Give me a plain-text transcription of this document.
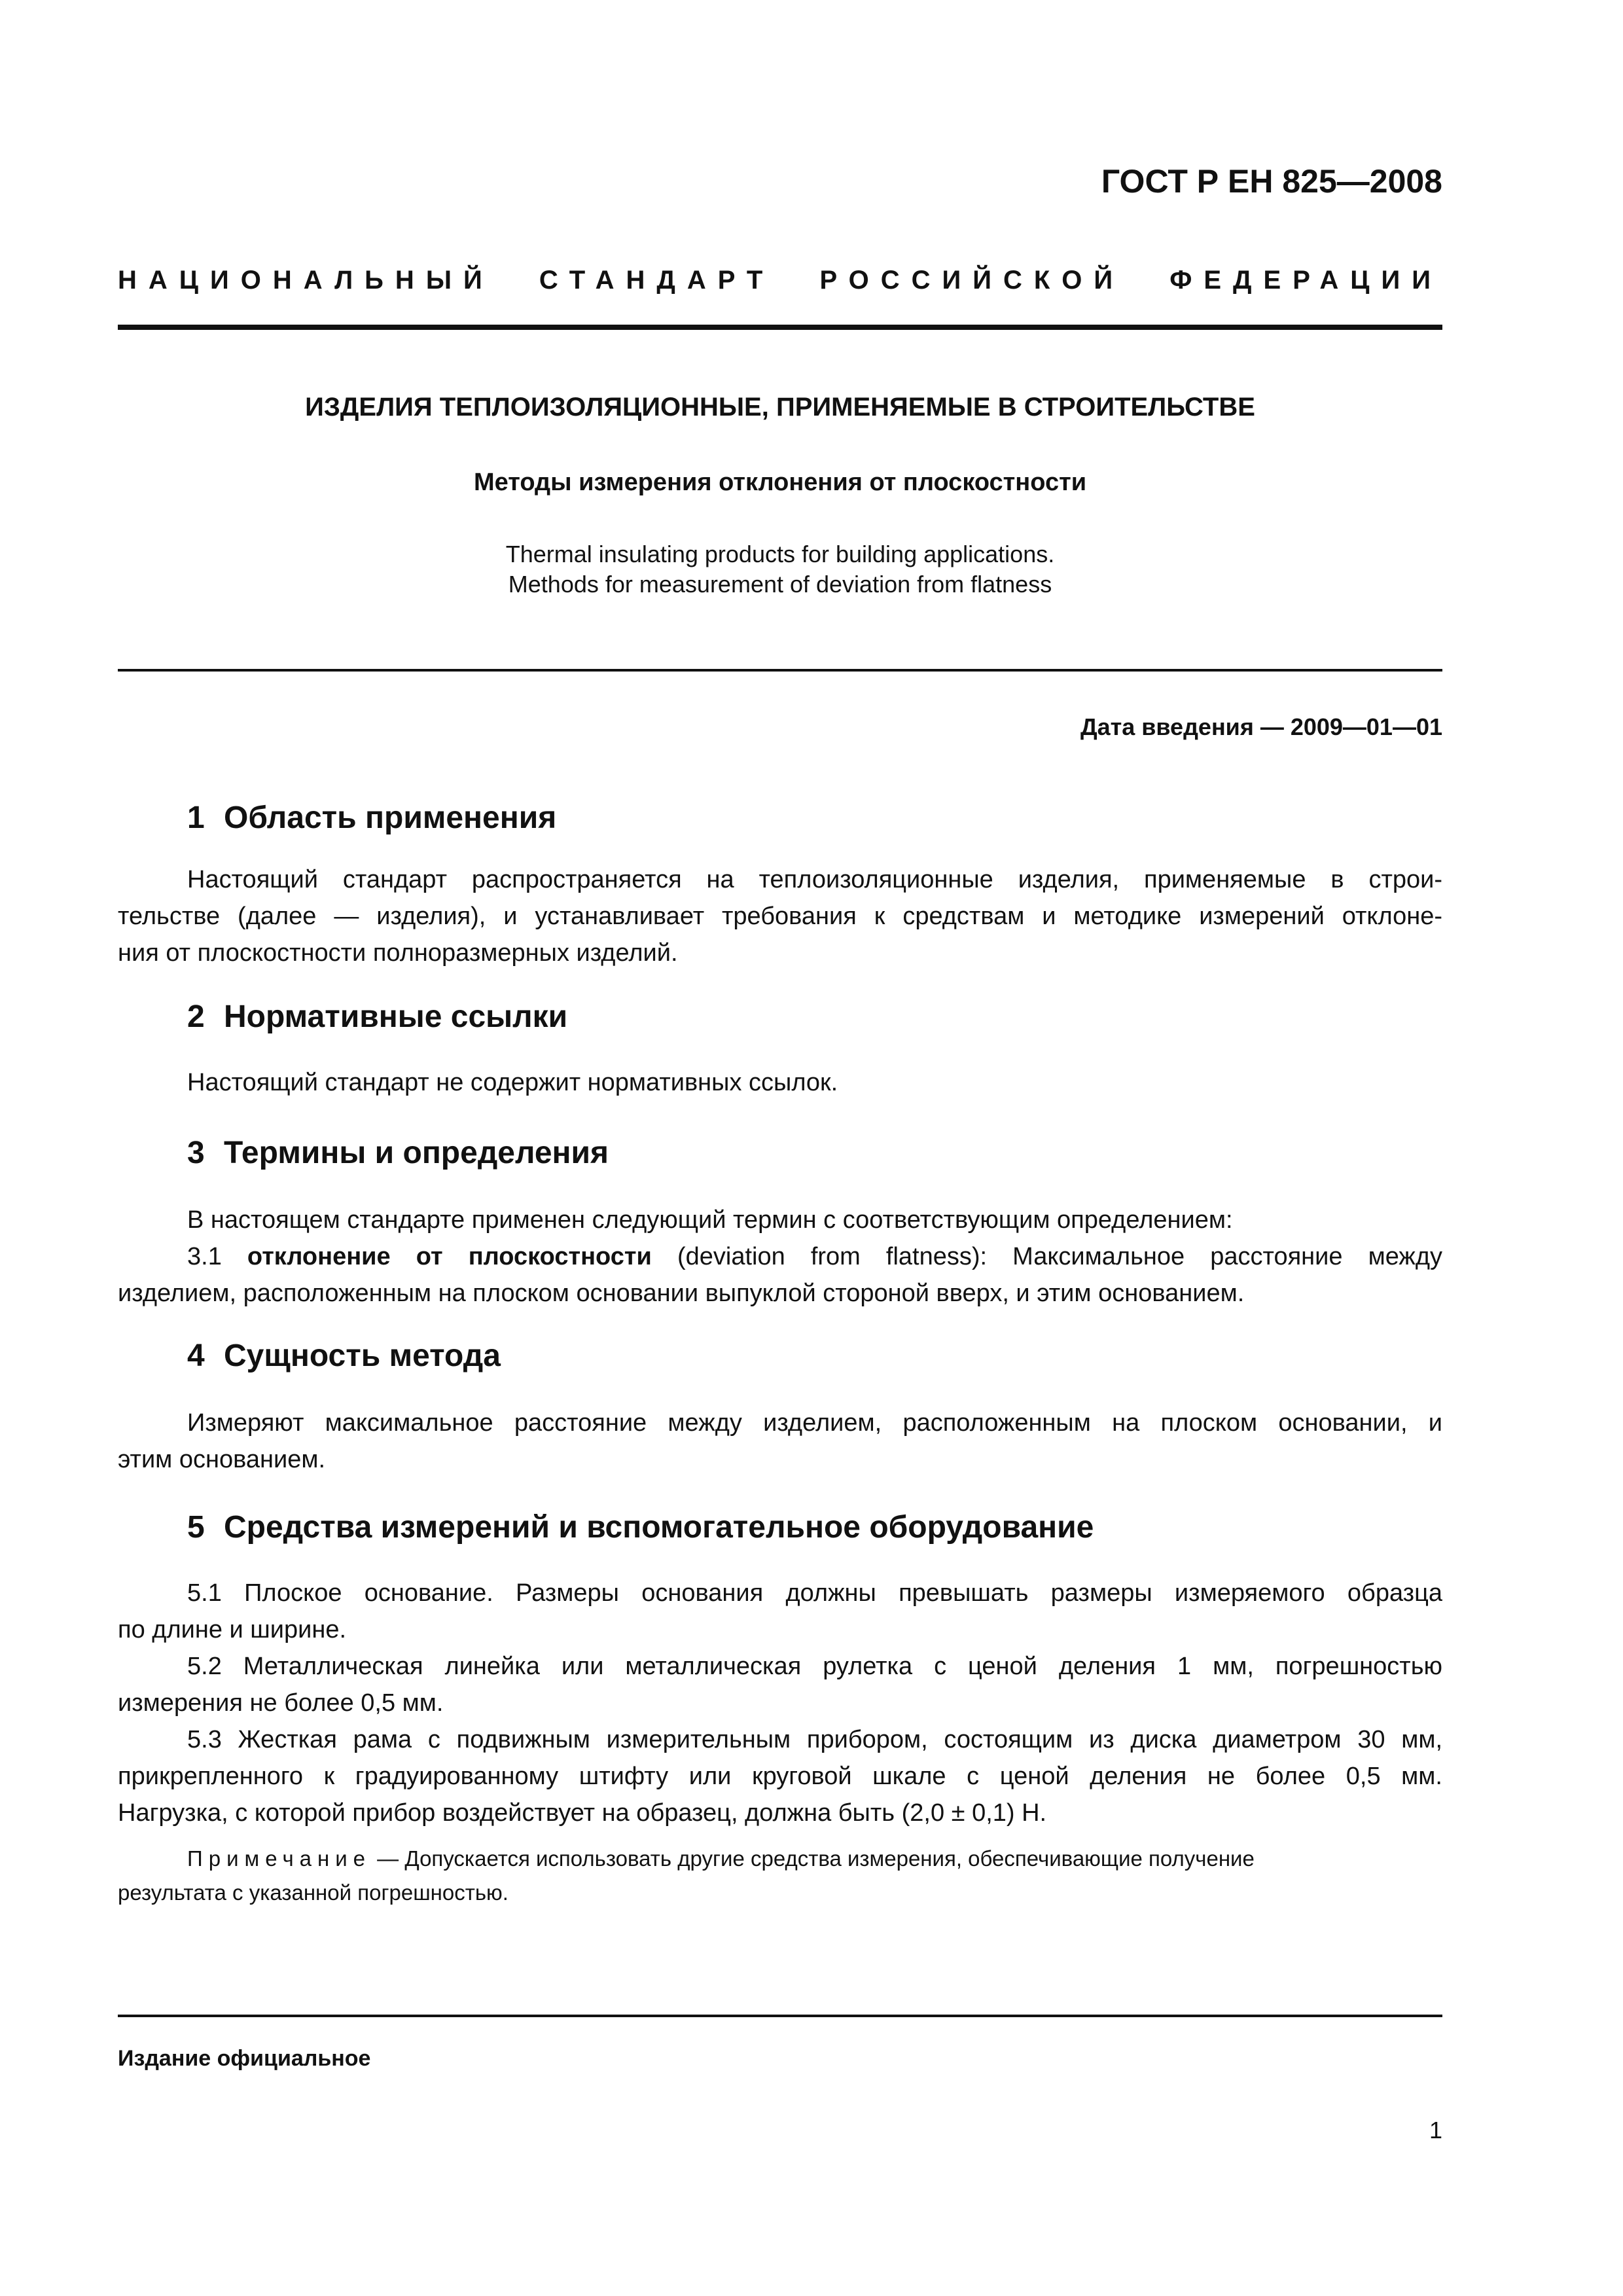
ГОСТ Р ЕН 825—2008
НАЦИОНАЛЬНЫЙ СТАНДАРТ РОССИЙСКОЙ ФЕДЕРАЦИИ
ИЗДЕЛИЯ ТЕПЛОИЗОЛЯЦИОННЫЕ, ПРИМЕНЯЕМЫЕ В СТРОИТЕЛЬСТВЕ
Методы измерения отклонения от плоскостности
Thermal insulating products for building applications.
Methods for measurement of deviation from flatness
Дата введения — 2009—01—01
1 Область применения
Настоящий стандарт распространяется на теплоизоляционные изделия, применяемые в строи-
тельстве (далее — изделия), и устанавливает требования к средствам и методике измерений отклоне-
ния от плоскостности полноразмерных изделий.
2 Нормативные ссылки
Настоящий стандарт не содержит нормативных ссылок.
3 Термины и определения
В настоящем стандарте применен следующий термин с соответствующим определением:
3.1 отклонение от плоскостности (deviation from flatness): Максимальное расстояние между
изделием, расположенным на плоском основании выпуклой стороной вверх, и этим основанием.
4 Сущность метода
Измеряют максимальное расстояние между изделием, расположенным на плоском основании, и
этим основанием.
5 Средства измерений и вспомогательное оборудование
5.1 Плоское основание. Размеры основания должны превышать размеры измеряемого образца
по длине и ширине.
5.2 Металлическая линейка или металлическая рулетка с ценой деления 1 мм, погрешностью
измерения не более 0,5 мм.
5.3 Жесткая рама с подвижным измерительным прибором, состоящим из диска диаметром 30 мм,
прикрепленного к градуированному штифту или круговой шкале с ценой деления не более 0,5 мм.
Нагрузка, с которой прибор воздействует на образец, должна быть (2,0 ± 0,1) Н.
Примечание — Допускается использовать другие средства измерения, обеспечивающие получение
результата с указанной погрешностью.
Издание официальное
1
